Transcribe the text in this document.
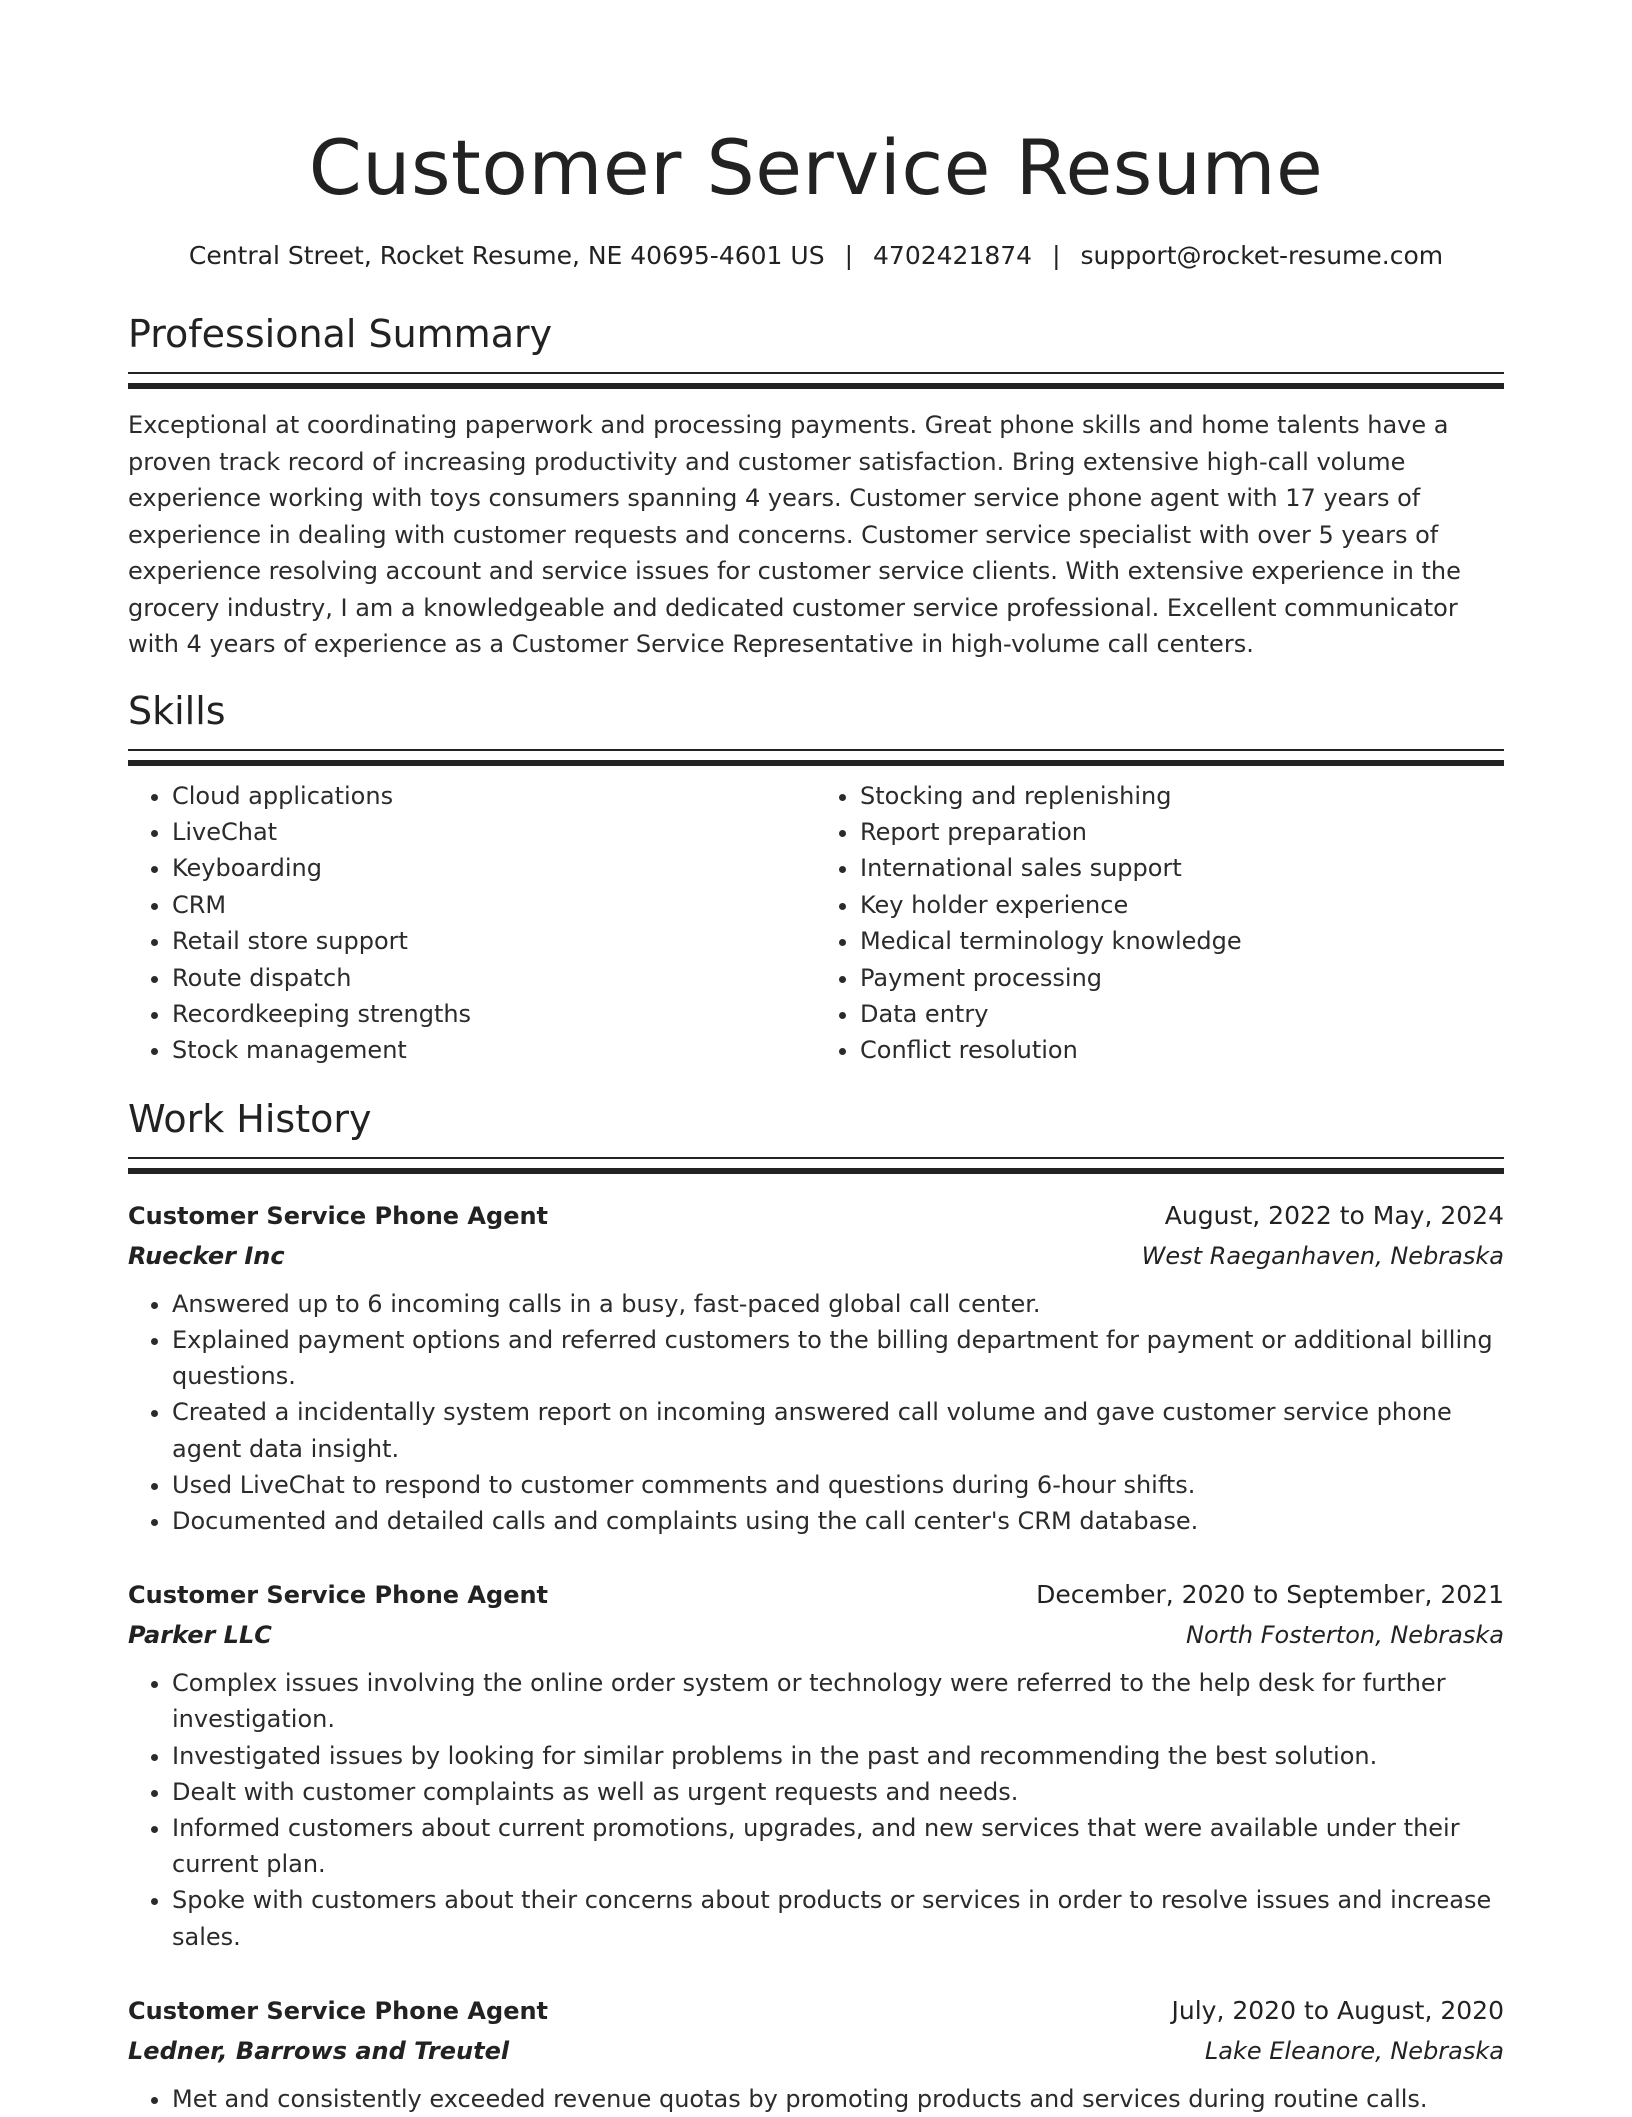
Customer Service Resume
Central Street, Rocket Resume, NE 40695-4601 US | 4702421874 | support@rocket-resume.com
Professional Summary

Exceptional at coordinating paperwork and processing payments. Great phone skills and home talents have a proven track record of increasing productivity and customer satisfaction. Bring extensive high-call volume experience working with toys consumers spanning 4 years. Customer service phone agent with 17 years of experience in dealing with customer requests and concerns. Customer service specialist with over 5 years of experience resolving account and service issues for customer service clients. With extensive experience in the grocery industry, I am a knowledgeable and dedicated customer service professional. Excellent communicator with 4 years of experience as a Customer Service Representative in high-volume call centers.

Skills
• Cloud applications
• LiveChat
• Keyboarding
• CRM
• Retail store support
• Route dispatch
• Recordkeeping strengths
• Stock management
• Stocking and replenishing
• Report preparation
• International sales support
• Key holder experience
• Medical terminology knowledge
• Payment processing
• Data entry
• Conflict resolution
Work History
Customer Service Phone Agent	August, 2022 to May, 2024
Ruecker Inc	West Raeganhaven, Nebraska
• Answered up to 6 incoming calls in a busy, fast-paced global call center.
• Explained payment options and referred customers to the billing department for payment or additional billing questions.
• Created a incidentally system report on incoming answered call volume and gave customer service phone agent data insight.
• Used LiveChat to respond to customer comments and questions during 6-hour shifts.
• Documented and detailed calls and complaints using the call center's CRM database.
Customer Service Phone Agent	December, 2020 to September, 2021
Parker LLC	North Fosterton, Nebraska
• Complex issues involving the online order system or technology were referred to the help desk for further investigation.
• Investigated issues by looking for similar problems in the past and recommending the best solution.
• Dealt with customer complaints as well as urgent requests and needs.
• Informed customers about current promotions, upgrades, and new services that were available under their current plan.
• Spoke with customers about their concerns about products or services in order to resolve issues and increase sales.
Customer Service Phone Agent	July, 2020 to August, 2020
Ledner, Barrows and Treutel	Lake Eleanore, Nebraska
• Met and consistently exceeded revenue quotas by promoting products and services during routine calls.
